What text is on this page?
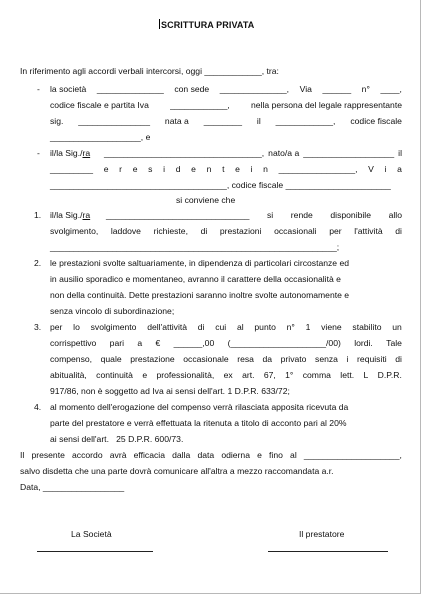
SCRITTURA PRIVATA
In riferimento agli accordi verbali intercorsi, oggi ____________, tra:
- la società ______________ con sede ______________, Via ______ n° ____,
codice fiscale e partita Iva ____________, nella persona del legale rappresentante
sig. _______________ nata a ________ il ____________, codice fiscale
___________________, e
- il/la Sig./ra _________________________________, nato/a a ___________________ il
_________ e r e s i d e n t e i n ________________, V i a
_____________________________________, codice fiscale ______________________
si conviene che
1. il/la Sig./ra ______________________________ si rende disponibile allo
svolgimento, laddove richieste, di prestazioni occasionali per l'attività di
____________________________________________________________;
2. le prestazioni svolte saltuariamente, in dipendenza di particolari circostanze ed
in ausilio sporadico e momentaneo, avranno il carattere della occasionalità e
non della continuità. Dette prestazioni saranno inoltre svolte autonomamente e
senza vincolo di subordinazione;
3. per lo svolgimento dell'attività di cui al punto n° 1 viene stabilito un
corrispettivo pari a € ______,00 (____________________/00) lordi. Tale
compenso, quale prestazione occasionale resa da privato senza i requisiti di
abitualità, continuità e professionalità, ex art. 67, 1° comma lett. L D.P.R.
917/86, non è soggetto ad Iva ai sensi dell'art. 1 D.P.R. 633/72;
4. al momento dell'erogazione del compenso verrà rilasciata apposita ricevuta da
parte del prestatore e verrà effettuata la ritenuta a titolo di acconto pari al 20%
ai sensi dell'art.   25 D.P.R. 600/73.
Il presente accordo avrà efficacia dalla data odierna e fino al ____________________,
salvo disdetta che una parte dovrà comunicare all'altra a mezzo raccomandata a.r.
Data, _________________
La Società	Il prestatore
